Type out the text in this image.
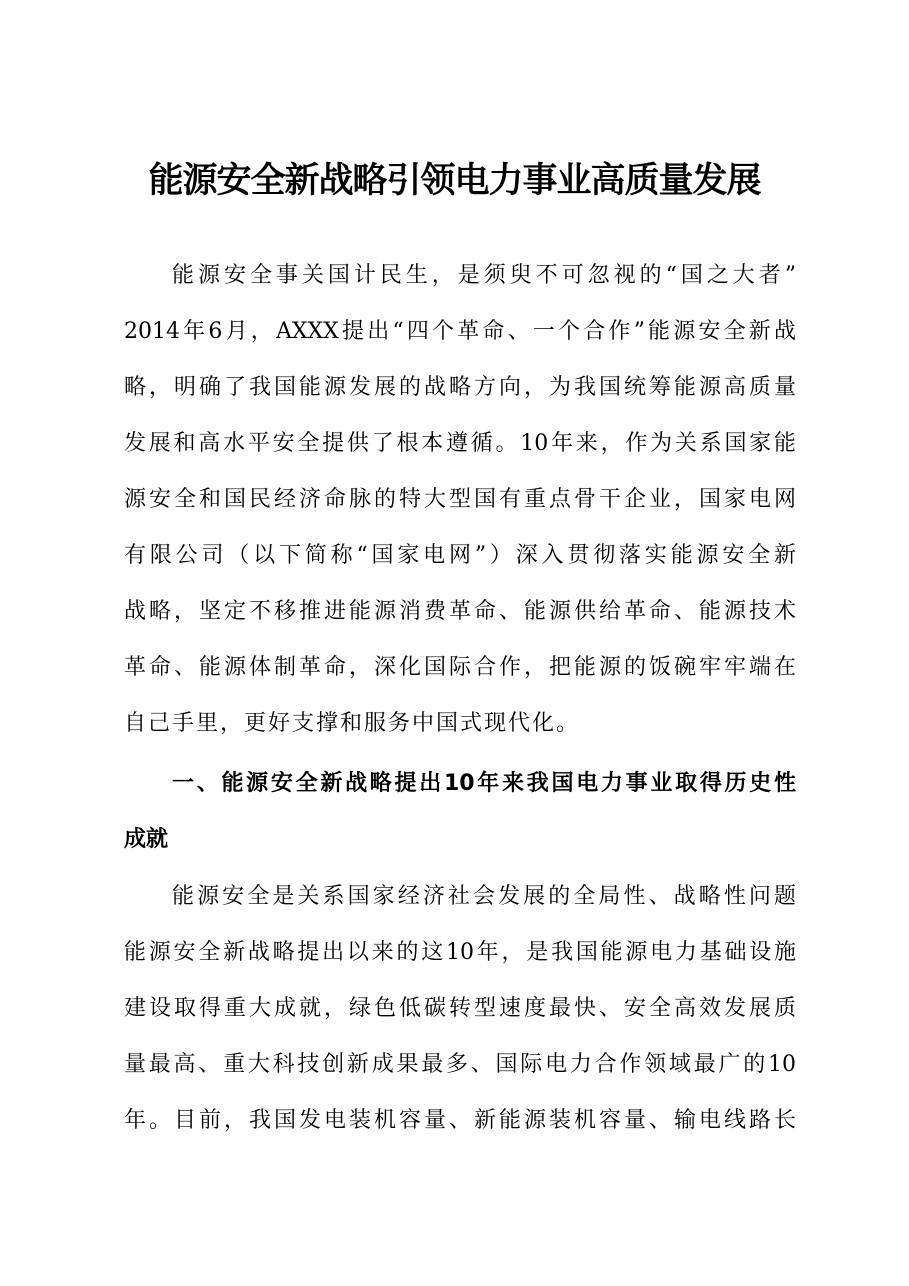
能源安全新战略引领电力事业高质量发展
能源安全事关国计民生，是须臾不可忽视的“国之大者”
2014年6月，AXXX提出“四个革命、一个合作”能源安全新战
略，明确了我国能源发展的战略方向，为我国统筹能源高质量
发展和高水平安全提供了根本遵循。10年来，作为关系国家能
源安全和国民经济命脉的特大型国有重点骨干企业，国家电网
有限公司（以下简称“国家电网”）深入贯彻落实能源安全新
战略，坚定不移推进能源消费革命、能源供给革命、能源技术
革命、能源体制革命，深化国际合作，把能源的饭碗牢牢端在
自己手里，更好支撑和服务中国式现代化。
一、能源安全新战略提出10年来我国电力事业取得历史性
成就
能源安全是关系国家经济社会发展的全局性、战略性问题
能源安全新战略提出以来的这10年，是我国能源电力基础设施
建设取得重大成就，绿色低碳转型速度最快、安全高效发展质
量最高、重大科技创新成果最多、国际电力合作领域最广的10
年。目前，我国发电装机容量、新能源装机容量、输电线路长
